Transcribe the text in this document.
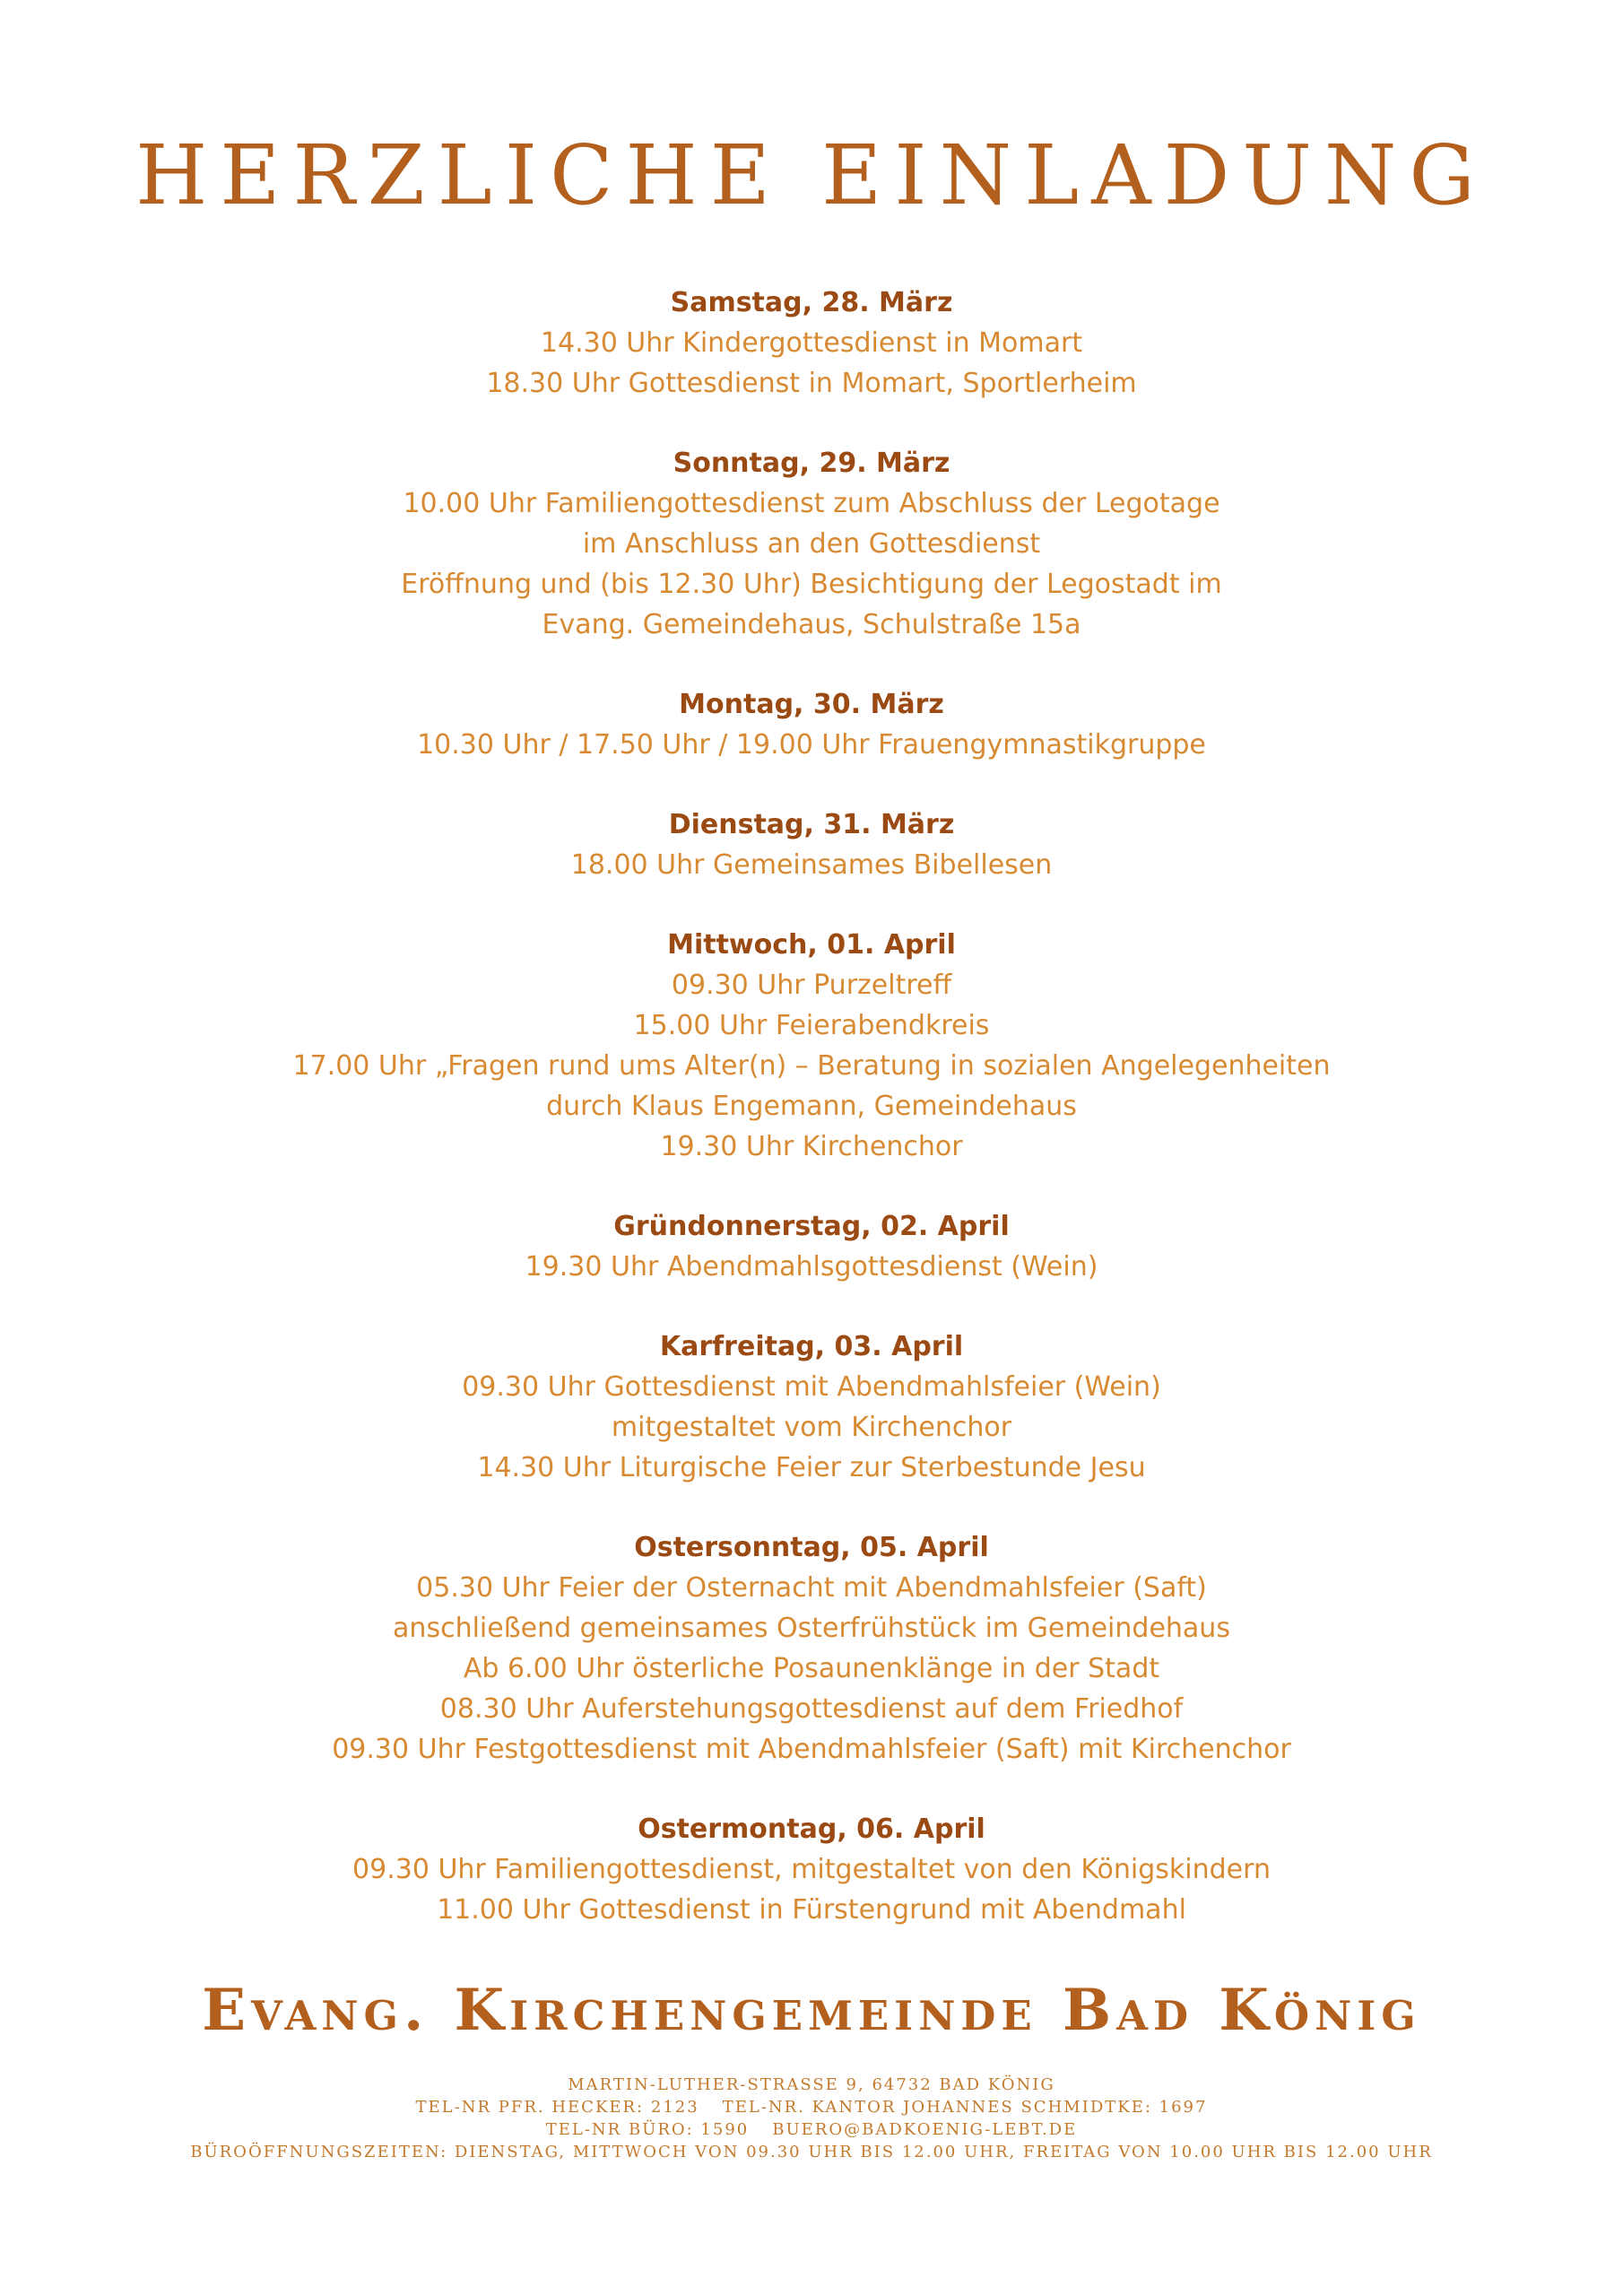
HERZLICHE EINLADUNG

Samstag, 28. März

14.30 Uhr Kindergottesdienst in Momart

18.30 Uhr Gottesdienst in Momart, Sportlerheim

Sonntag, 29. März

10.00 Uhr Familiengottesdienst zum Abschluss der Legotage

im Anschluss an den Gottesdienst

Eröffnung und (bis 12.30 Uhr) Besichtigung der Legostadt im

Evang. Gemeindehaus, Schulstraße 15a

Montag, 30. März

10.30 Uhr / 17.50 Uhr / 19.00 Uhr Frauengymnastikgruppe

Dienstag, 31. März

18.00 Uhr Gemeinsames Bibellesen

Mittwoch, 01. April

09.30 Uhr Purzeltreff

15.00 Uhr Feierabendkreis

17.00 Uhr „Fragen rund ums Alter(n) – Beratung in sozialen Angelegenheiten

durch Klaus Engemann, Gemeindehaus

19.30 Uhr Kirchenchor

Gründonnerstag, 02. April

19.30 Uhr Abendmahlsgottesdienst (Wein)

Karfreitag, 03. April

09.30 Uhr Gottesdienst mit Abendmahlsfeier (Wein)

mitgestaltet vom Kirchenchor

14.30 Uhr Liturgische Feier zur Sterbestunde Jesu

Ostersonntag, 05. April

05.30 Uhr Feier der Osternacht mit Abendmahlsfeier (Saft)

anschließend gemeinsames Osterfrühstück im Gemeindehaus

Ab 6.00 Uhr österliche Posaunenklänge in der Stadt

08.30 Uhr Auferstehungsgottesdienst auf dem Friedhof

09.30 Uhr Festgottesdienst mit Abendmahlsfeier (Saft) mit Kirchenchor

Ostermontag, 06. April

09.30 Uhr Familiengottesdienst, mitgestaltet von den Königskindern

11.00 Uhr Gottesdienst in Fürstengrund mit Abendmahl

Evang. Kirchengemeinde Bad König

MARTIN-LUTHER-STRASSE 9, 64732 BAD KÖNIG

TEL-NR PFR. HECKER: 2123 TEL-NR. KANTOR JOHANNES SCHMIDTKE: 1697

TEL-NR BÜRO: 1590 BUERO@BADKOENIG-LEBT.DE

BÜROÖFFNUNGSZEITEN: DIENSTAG, MITTWOCH VON 09.30 UHR BIS 12.00 UHR, FREITAG VON 10.00 UHR BIS 12.00 UHR
